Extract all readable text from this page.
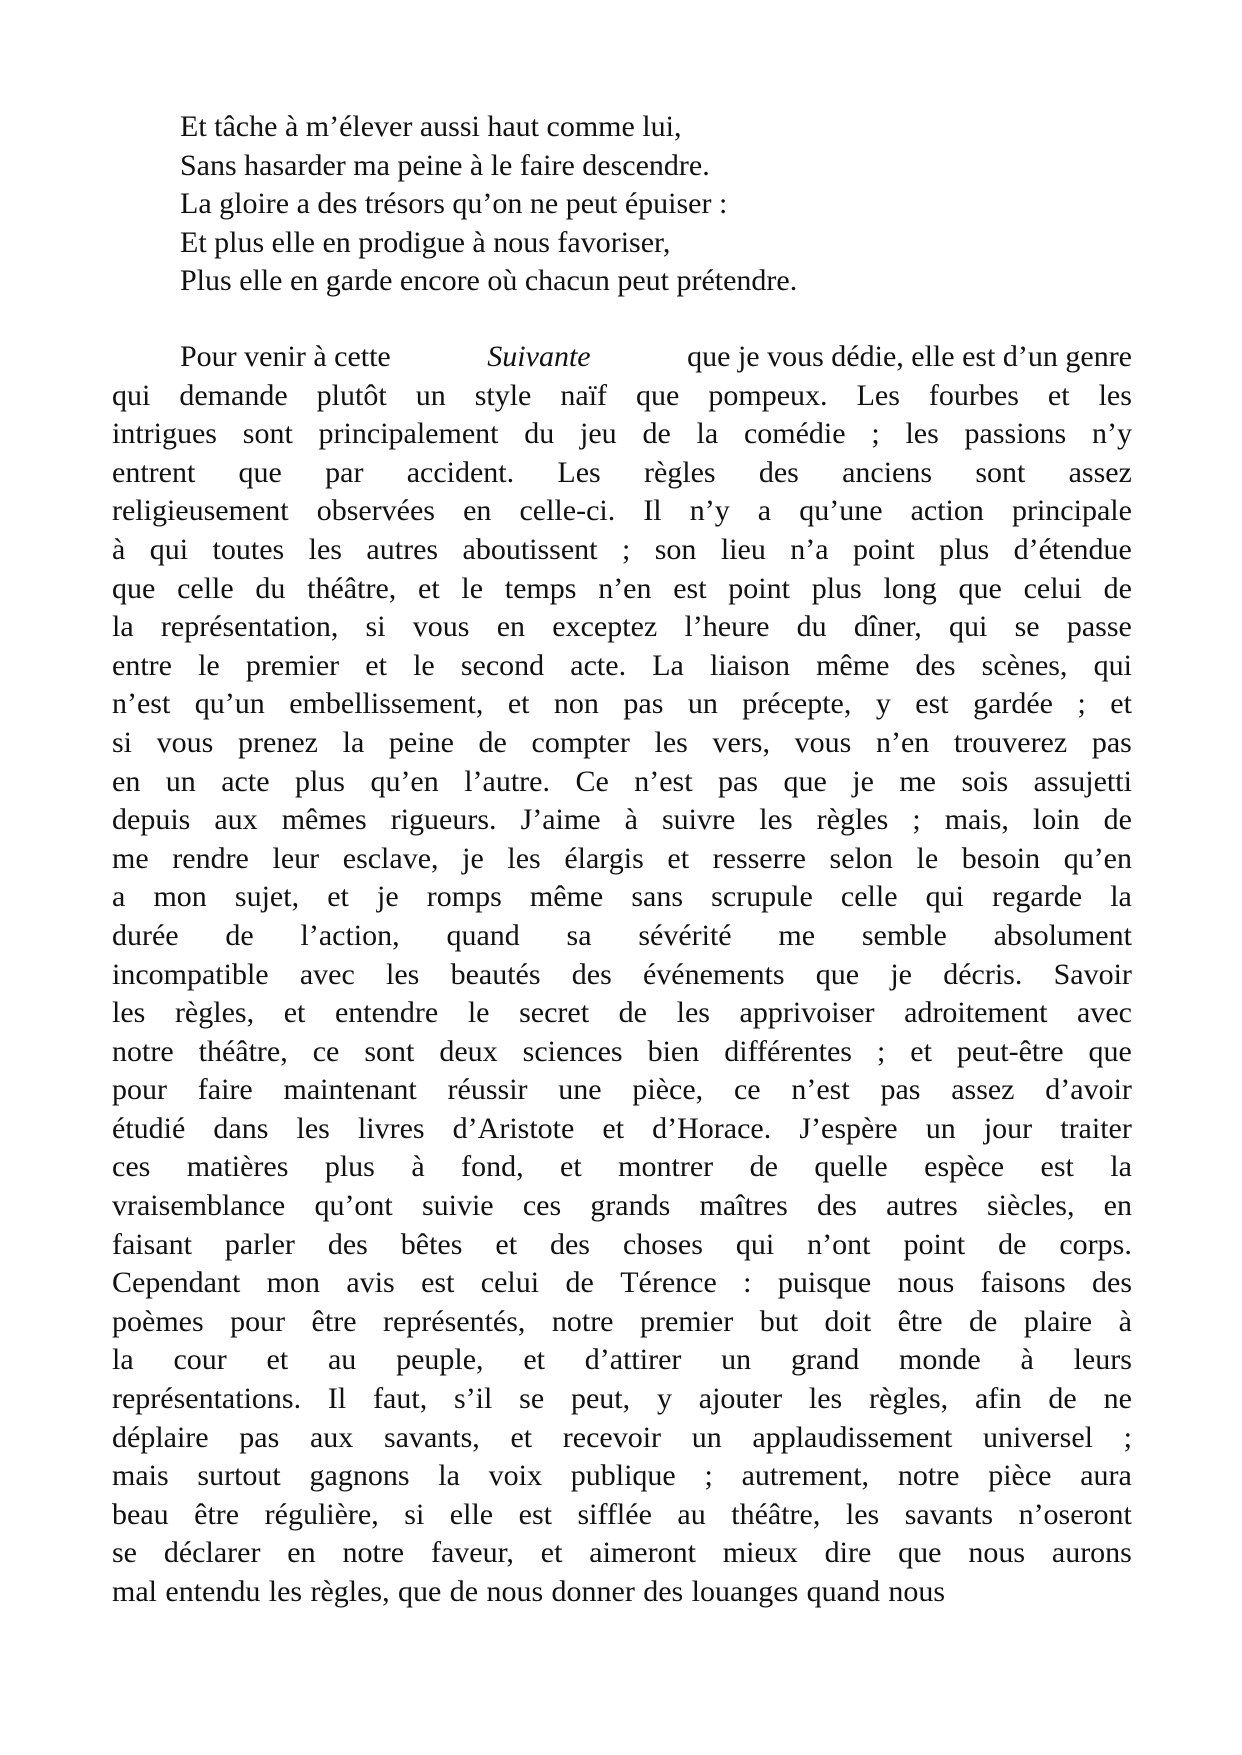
Et tâche à m’élever aussi haut comme lui,
Sans hasarder ma peine à le faire descendre.
La gloire a des trésors qu’on ne peut épuiser :
Et plus elle en prodigue à nous favoriser,
Plus elle en garde encore où chacun peut prétendre.
Pour venir à cette	Suivante	que je vous dédie, elle est d’un genre
qui demande plutôt un style naïf que pompeux. Les fourbes et les
intrigues sont principalement du jeu de la comédie ; les passions n’y
entrent que par accident. Les règles des anciens sont assez
religieusement observées en celle-ci. Il n’y a qu’une action principale
à qui toutes les autres aboutissent ; son lieu n’a point plus d’étendue
que celle du théâtre, et le temps n’en est point plus long que celui de
la représentation, si vous en exceptez l’heure du dîner, qui se passe
entre le premier et le second acte. La liaison même des scènes, qui
n’est qu’un embellissement, et non pas un précepte, y est gardée ; et
si vous prenez la peine de compter les vers, vous n’en trouverez pas
en un acte plus qu’en l’autre. Ce n’est pas que je me sois assujetti
depuis aux mêmes rigueurs. J’aime à suivre les règles ; mais, loin de
me rendre leur esclave, je les élargis et resserre selon le besoin qu’en
a mon sujet, et je romps même sans scrupule celle qui regarde la
durée de l’action, quand sa sévérité me semble absolument
incompatible avec les beautés des événements que je décris. Savoir
les règles, et entendre le secret de les apprivoiser adroitement avec
notre théâtre, ce sont deux sciences bien différentes ; et peut-être que
pour faire maintenant réussir une pièce, ce n’est pas assez d’avoir
étudié dans les livres d’Aristote et d’Horace. J’espère un jour traiter
ces matières plus à fond, et montrer de quelle espèce est la
vraisemblance qu’ont suivie ces grands maîtres des autres siècles, en
faisant parler des bêtes et des choses qui n’ont point de corps.
Cependant mon avis est celui de Térence : puisque nous faisons des
poèmes pour être représentés, notre premier but doit être de plaire à
la cour et au peuple, et d’attirer un grand monde à leurs
représentations. Il faut, s’il se peut, y ajouter les règles, afin de ne
déplaire pas aux savants, et recevoir un applaudissement universel ;
mais surtout gagnons la voix publique ; autrement, notre pièce aura
beau être régulière, si elle est sifflée au théâtre, les savants n’oseront
se déclarer en notre faveur, et aimeront mieux dire que nous aurons
mal entendu les règles, que de nous donner des louanges quand nous
